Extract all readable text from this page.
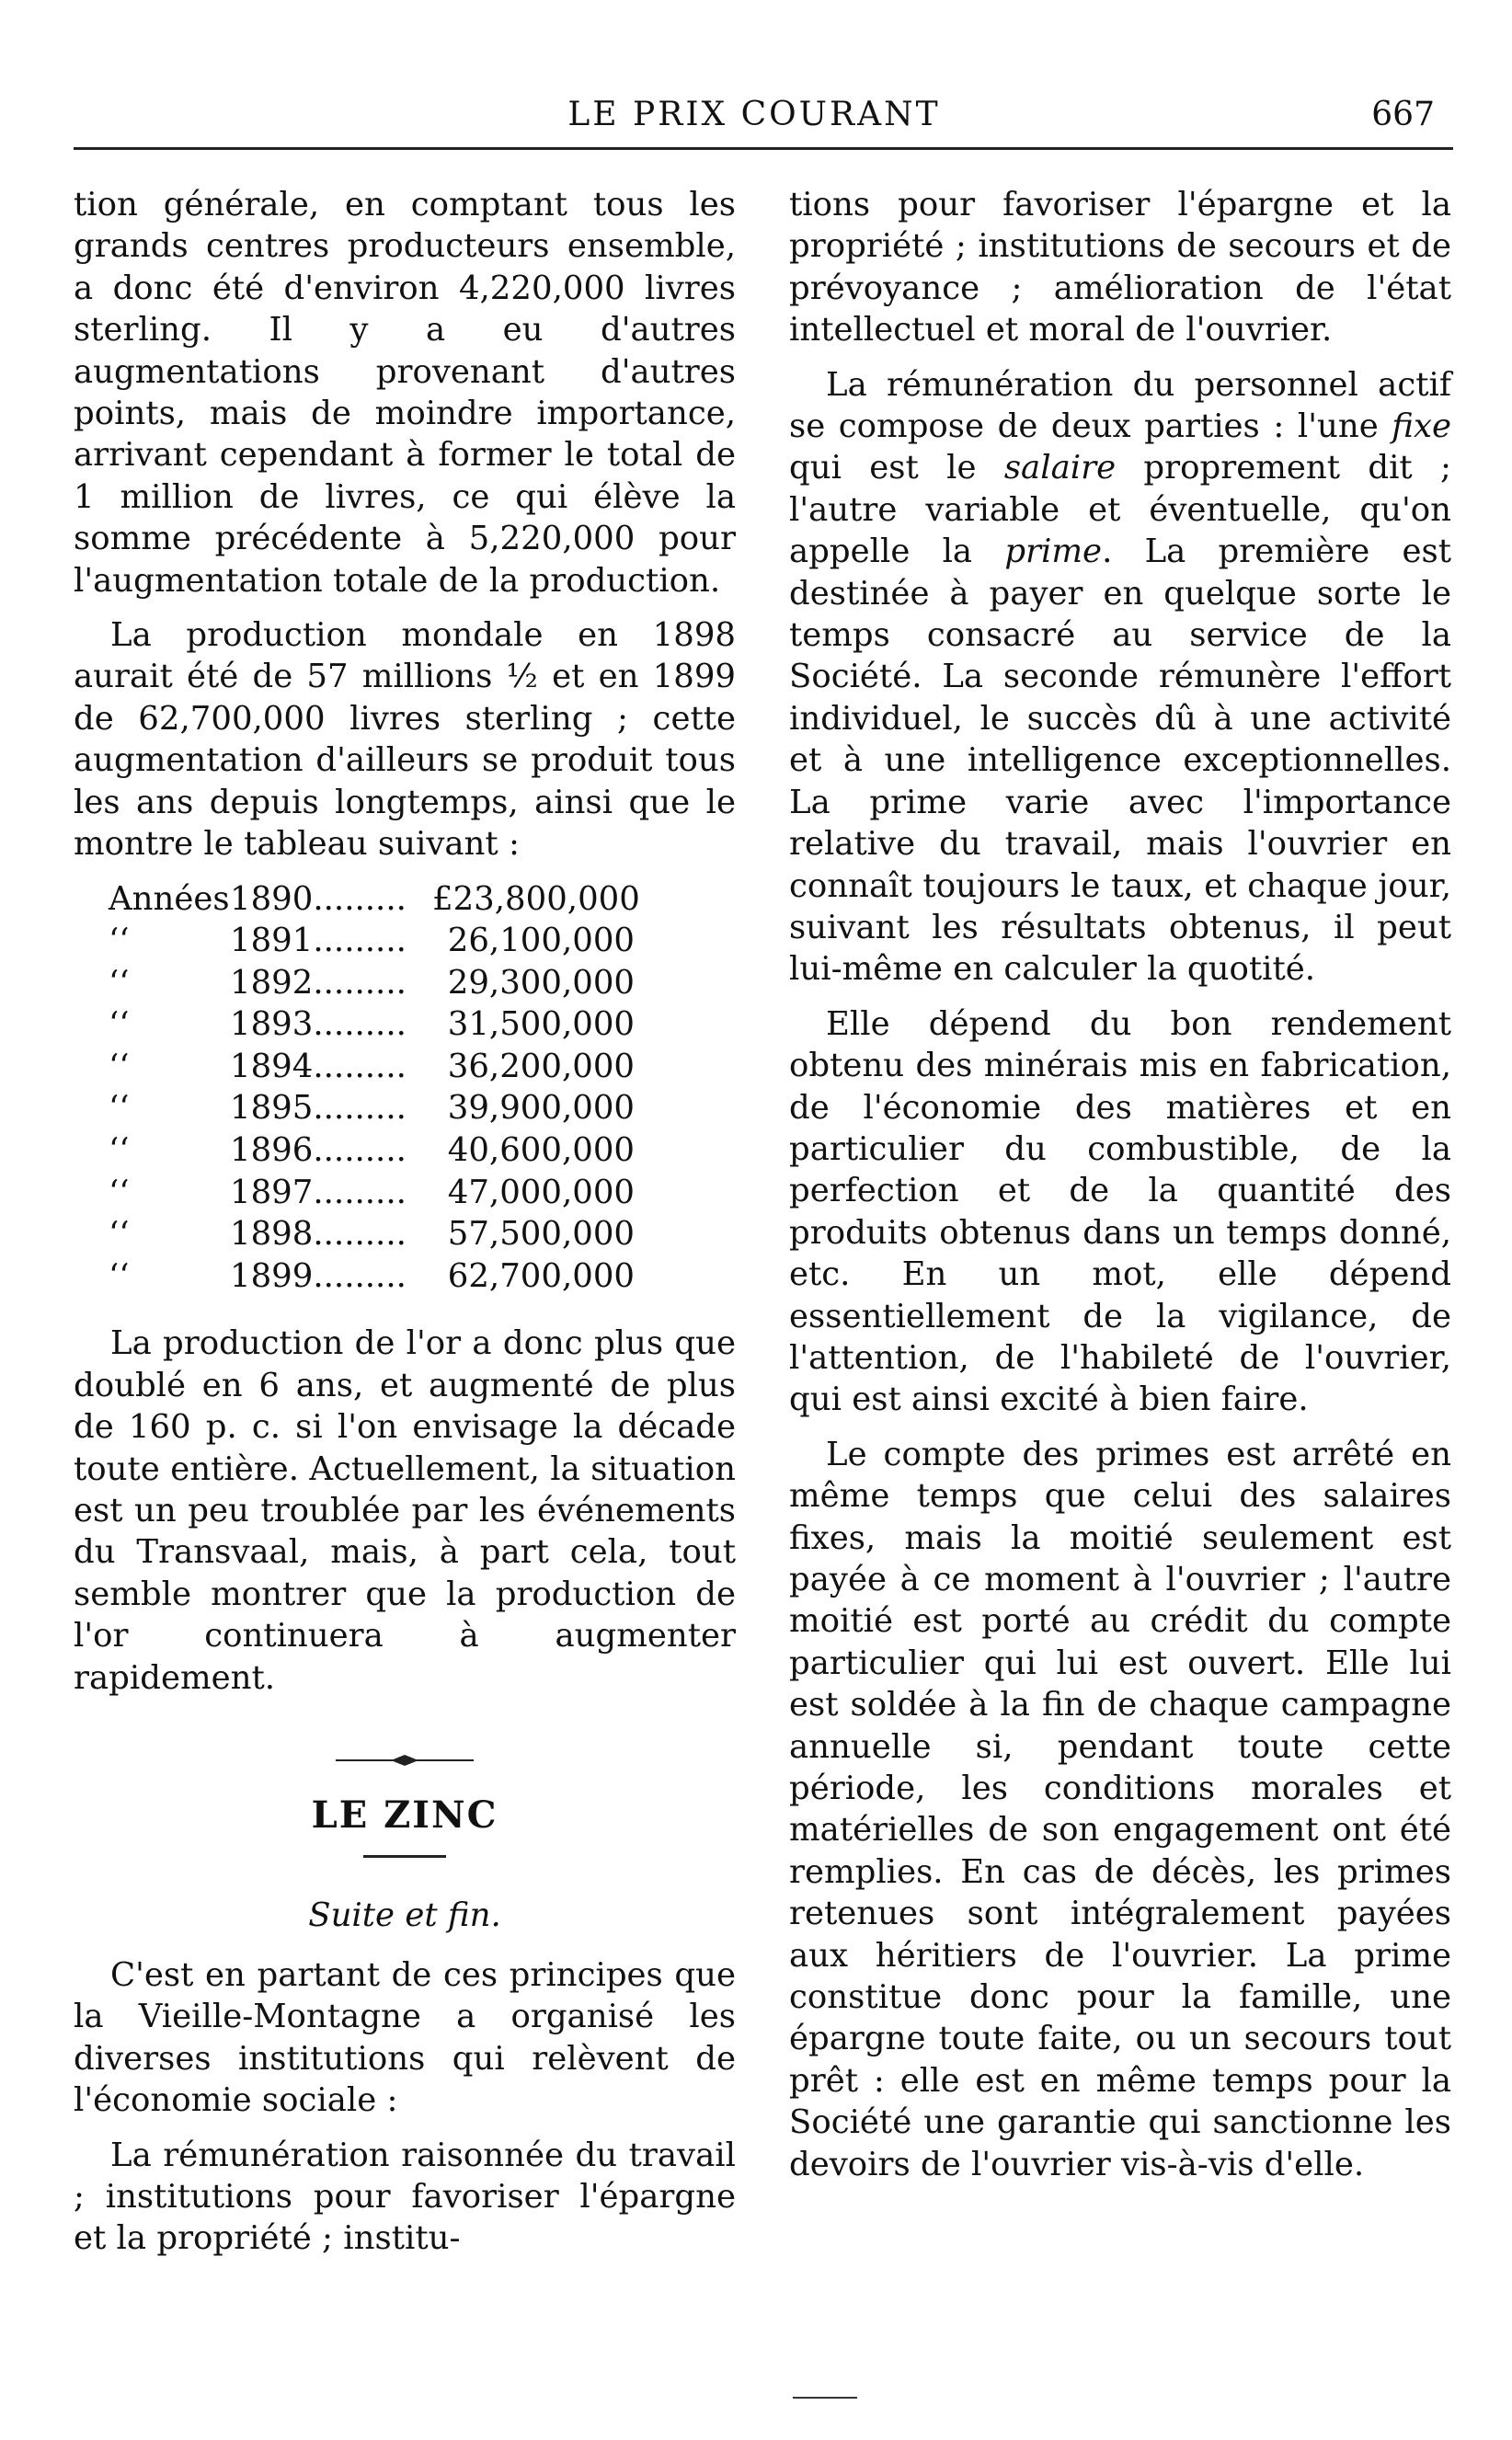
LE PRIX COURANT	667

tion générale, en comptant tous les grands centres producteurs ensemble, a donc été d'environ 4,220,000 livres sterling. Il y a eu d'autres augmentations provenant d'autres points, mais de moindre importance, arrivant cependant à former le total de 1 million de livres, ce qui élève la somme précédente à 5,220,000 pour l'augmentation totale de la production.

La production mondale en 1898 aurait été de 57 millions ½ et en 1899 de 62,700,000 livres sterling ; cette augmentation d'ailleurs se produit tous les ans depuis longtemps, ainsi que le montre le tableau suivant :

Années 1890......... £23,800,000
‘‘	1891.........	26,100,000
‘‘	1892.........	29,300,000
‘‘	1893.........	31,500,000
‘‘	1894.........	36,200,000
‘‘	1895.........	39,900,000
‘‘	1896.........	40,600,000
‘‘	1897.........	47,000,000
‘‘	1898.........	57,500,000
‘‘	1899.........	62,700,000

La production de l'or a donc plus que doublé en 6 ans, et augmenté de plus de 160 p. c. si l'on envisage la décade toute entière. Actuellement, la situation est un peu troublée par les événements du Transvaal, mais, à part cela, tout semble montrer que la production de l'or continuera à augmenter rapidement.

LE ZINC
Suite et fin.

C'est en partant de ces principes que la Vieille-Montagne a organisé les diverses institutions qui relèvent de l'économie sociale :

La rémunération raisonnée du travail ; institutions pour favoriser l'épargne et la propriété ; institu-

tions pour favoriser l'épargne et la propriété ; institutions de secours et de prévoyance ; amélioration de l'état intellectuel et moral de l'ouvrier.

La rémunération du personnel actif se compose de deux parties : l'une fixe qui est le salaire proprement dit ; l'autre variable et éventuelle, qu'on appelle la prime. La première est destinée à payer en quelque sorte le temps consacré au service de la Société. La seconde rémunère l'effort individuel, le succès dû à une activité et à une intelligence exceptionnelles. La prime varie avec l'importance relative du travail, mais l'ouvrier en connaît toujours le taux, et chaque jour, suivant les résultats obtenus, il peut lui-même en calculer la quotité.

Elle dépend du bon rendement obtenu des minérais mis en fabrication, de l'économie des matières et en particulier du combustible, de la perfection et de la quantité des produits obtenus dans un temps donné, etc. En un mot, elle dépend essentiellement de la vigilance, de l'attention, de l'habileté de l'ouvrier, qui est ainsi excité à bien faire.

Le compte des primes est arrêté en même temps que celui des salaires fixes, mais la moitié seulement est payée à ce moment à l'ouvrier ; l'autre moitié est porté au crédit du compte particulier qui lui est ouvert. Elle lui est soldée à la fin de chaque campagne annuelle si, pendant toute cette période, les conditions morales et matérielles de son engagement ont été remplies. En cas de décès, les primes retenues sont intégralement payées aux héritiers de l'ouvrier. La prime constitue donc pour la famille, une épargne toute faite, ou un secours tout prêt : elle est en même temps pour la Société une garantie qui sanctionne les devoirs de l'ouvrier vis-à-vis d'elle.
